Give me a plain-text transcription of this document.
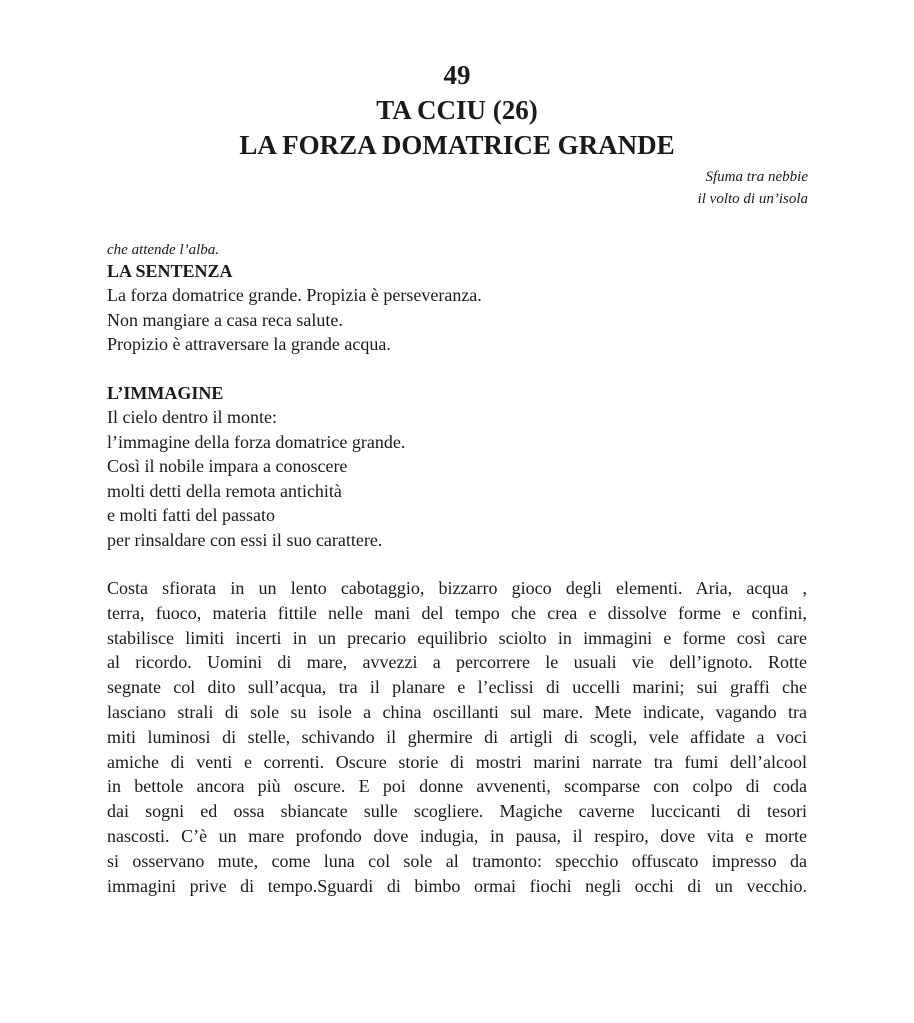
49
TA CCIU (26)
LA FORZA DOMATRICE GRANDE
Sfuma tra nebbie
il volto di un’isola
che attende l’alba.
LA SENTENZA
La forza domatrice grande. Propizia è perseveranza.
Non mangiare a casa reca salute.
Propizio è attraversare la grande acqua.
L’IMMAGINE
Il cielo dentro il monte:
l’immagine della forza domatrice grande.
Così il nobile impara a conoscere
molti detti della remota antichità
e molti fatti del passato
per rinsaldare con essi il suo carattere.
Costa sfiorata in un lento cabotaggio, bizzarro gioco degli elementi. Aria, acqua ,
terra, fuoco, materia fittile nelle mani del tempo che crea e dissolve forme e confini,
stabilisce limiti incerti in un precario equilibrio sciolto in immagini e forme così care
al ricordo. Uomini di mare, avvezzi a percorrere le usuali vie dell’ignoto. Rotte
segnate col dito sull’acqua, tra il planare e l’eclissi di uccelli marini; sui graffi che
lasciano strali di sole su isole a china oscillanti sul mare. Mete indicate, vagando tra
miti luminosi di stelle, schivando il ghermire di artigli di scogli, vele affidate a voci
amiche di venti e correnti. Oscure storie di mostri marini narrate tra fumi dell’alcool
in bettole ancora più oscure. E poi donne avvenenti, scomparse con colpo di coda
dai sogni ed ossa sbiancate sulle scogliere. Magiche caverne luccicanti di tesori
nascosti. C’è un mare profondo dove indugia, in pausa, il respiro, dove vita e morte
si osservano mute, come luna col sole al tramonto: specchio offuscato impresso da
immagini prive di tempo.Sguardi di bimbo ormai fiochi negli occhi di un vecchio.
